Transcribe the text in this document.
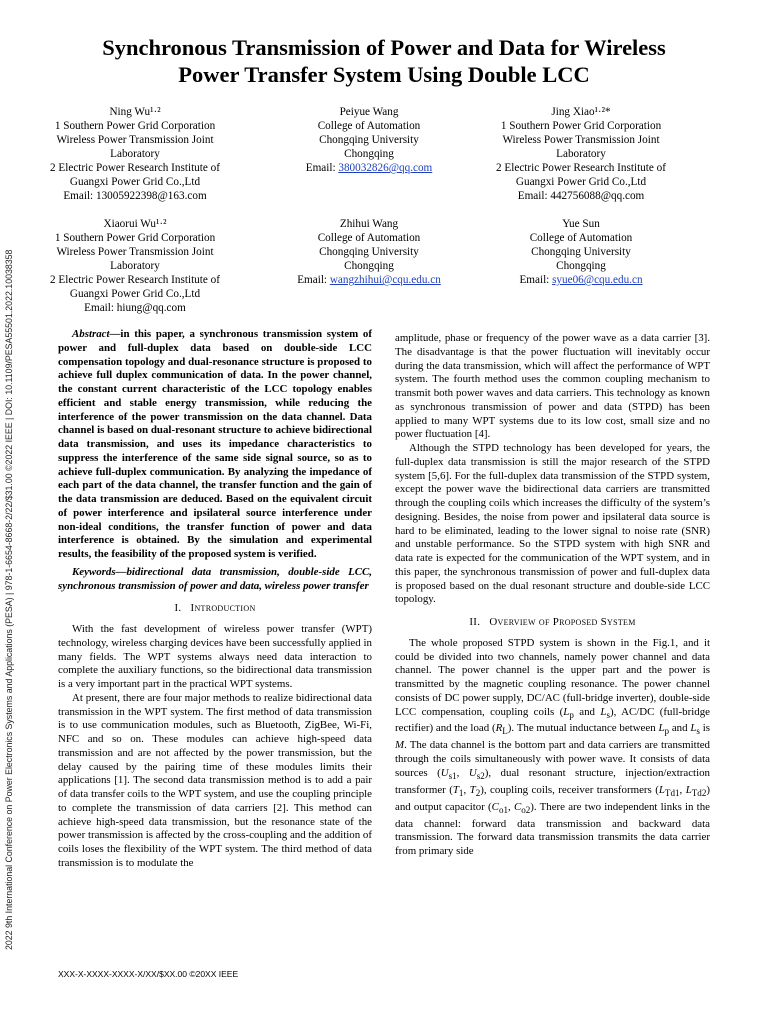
Synchronous Transmission of Power and Data for Wireless
Power Transfer System Using Double LCC
Ning Wu¹·²
1 Southern Power Grid Corporation
Wireless Power Transmission Joint
Laboratory
2 Electric Power Research Institute of
Guangxi Power Grid Co.,Ltd
Email: 13005922398@163.com
Peiyue Wang
College of Automation
Chongqing University
Chongqing
Email: 380032826@qq.com
Jing Xiao¹·²*
1 Southern Power Grid Corporation
Wireless Power Transmission Joint
Laboratory
2 Electric Power Research Institute of
Guangxi Power Grid Co.,Ltd
Email: 442756088@qq.com
Xiaorui Wu¹·²
1 Southern Power Grid Corporation
Wireless Power Transmission Joint
Laboratory
2 Electric Power Research Institute of
Guangxi Power Grid Co.,Ltd
Email: hiung@qq.com
Zhihui Wang
College of Automation
Chongqing University
Chongqing
Email: wangzhihui@cqu.edu.cn
Yue Sun
College of Automation
Chongqing University
Chongqing
Email: syue06@cqu.edu.cn

Abstract—in this paper, a synchronous transmission system of power and full-duplex data based on double-side LCC compensation topology and dual-resonance structure is proposed to achieve full duplex communication of data. In the power channel, the constant current characteristic of the LCC topology enables efficient and stable energy transmission, while reducing the interference of the power transmission on the data channel. Data channel is based on dual-resonant structure to achieve bidirectional data transmission, and uses its impedance characteristics to suppress the interference of the same side signal source, so as to achieve full-duplex communication. By analyzing the impedance of each part of the data channel, the transfer function and the gain of the data transmission are deduced. Based on the equivalent circuit of power interference and ipsilateral source interference under non-ideal conditions, the transfer function of power and data interference is obtained. By the simulation and experimental results, the feasibility of the proposed system is verified.

Keywords—bidirectional data transmission, double-side LCC, synchronous transmission of power and data, wireless power transfer

I. Introduction

With the fast development of wireless power transfer (WPT) technology, wireless charging devices have been successfully applied in many fields. The WPT systems always need data interaction to complete the auxiliary functions, so the bidirectional data transmission is a very important part in the practical WPT systems.

At present, there are four major methods to realize bidirectional data transmission in the WPT system. The first method of data transmission is to use communication modules, such as Bluetooth, ZigBee, Wi-Fi, NFC and so on. These modules can achieve high-speed data transmission and are not affected by the power transmission, but the delay caused by the pairing time of these modules limits their applications [1]. The second data transmission method is to add a pair of data transfer coils to the WPT system, and use the coupling principle to complete the transmission of data carriers [2]. This method can achieve high-speed data transmission, but the resonance state of the power transmission is affected by the cross-coupling and the addition of coils loses the flexibility of the WPT system. The third method of data transmission is to modulate the

amplitude, phase or frequency of the power wave as a data carrier [3]. The disadvantage is that the power fluctuation will inevitably occur during the data transmission, which will affect the performance of WPT system. The fourth method uses the common coupling mechanism to transmit both power waves and data carriers. This technology as known as synchronous transmission of power and data (STPD) has been applied to many WPT systems due to its low cost, small size and no power fluctuation [4].

Although the STPD technology has been developed for years, the full-duplex data transmission is still the major research of the STPD system [5,6]. For the full-duplex data transmission of the STPD system, except the power wave the bidirectional data carriers are transmitted through the coupling coils which increases the difficulty of the system’s designing. Besides, the noise from power and ipsilateral data source is hard to be eliminated, leading to the lower signal to noise rate (SNR) and unstable performance. So the STPD system with high SNR and data rate is expected for the communication of the WPT system, and in this paper, the synchronous transmission of power and full-duplex data is proposed based on the dual resonant structure and double-side LCC topology.

II. Overview of Proposed System

The whole proposed STPD system is shown in the Fig.1, and it could be divided into two channels, namely power channel and data channel. The power channel is the upper part and the power is transmitted by the magnetic coupling resonance. The power channel consists of DC power supply, DC/AC (full-bridge inverter), double-side LCC compensation, coupling coils ($L_p$ and $L_s$), AC/DC (full-bridge rectifier) and the load $(R_L)$. The mutual inductance between $L_p$ and $L_s$ is M. The data channel is the bottom part and data carriers are transmitted through the coils simultaneously with power wave. It consists of data sources ($U_{s1}$, $U_{s2}$), dual resonant structure, injection/extraction transformer ($T_1$, $T_2$), coupling coils, receiver transformers ($L_{Td1}$, $L_{Td2}$) and output capacitor ($C_{o1}$, $C_{o2}$). There are two independent links in the data channel: forward data transmission and backward data transmission. The forward data transmission transmits the data carrier from primary side

2022 9th International Conference on Power Electronics Systems and Applications (PESA) | 978-1-6654-8668-2/22/$31.00 ©2022 IEEE | DOI: 10.1109/PESA55501.2022.10038358
XXX-X-XXXX-XXXX-X/XX/$XX.00 ©20XX IEEE
